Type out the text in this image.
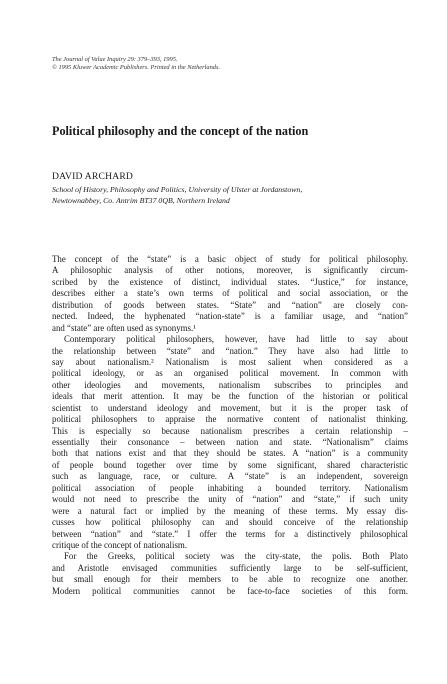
The Journal of Value Inquiry 29: 379–393, 1995.
© 1995 Kluwer Academic Publishers. Printed in the Netherlands.
Political philosophy and the concept of the nation
DAVID ARCHARD
School of History, Philosophy and Politics, University of Ulster at Jordanstown,
Newtownabbey, Co. Antrim BT37 0QB, Northern Ireland
The concept of the “state” is a basic object of study for political philosophy.
A philosophic analysis of other notions, moreover, is significantly circum-
scribed by the existence of distinct, individual states. “Justice,” for instance,
describes either a state’s own terms of political and social association, or the
distribution of goods between states. “State” and “nation” are closely con-
nected. Indeed, the hyphenated “nation-state” is a familiar usage, and “nation”
and “state” are often used as synonyms.¹
Contemporary political philosophers, however, have had little to say about
the relationship between “state” and “nation.” They have also had little to
say about nationalism.² Nationalism is most salient when considered as a
political ideology, or as an organised political movement. In common with
other ideologies and movements, nationalism subscribes to principles and
ideals that merit attention. It may be the function of the historian or political
scientist to understand ideology and movement, but it is the proper task of
political philosophers to appraise the normative content of nationalist thinking.
This is especially so because nationalism prescribes a certain relationship –
essentially their consonance – between nation and state. “Nationalism” claims
both that nations exist and that they should be states. A “nation” is a community
of people bound together over time by some significant, shared characteristic
such as language, race, or culture. A “state” is an independent, sovereign
political association of people inhabiting a bounded territory. Nationalism
would not need to prescribe the unity of “nation” and “state,” if such unity
were a natural fact or implied by the meaning of these terms. My essay dis-
cusses how political philosophy can and should conceive of the relationship
between “nation” and “state.” I offer the terms for a distinctively philosophical
critique of the concept of nationalism.
For the Greeks, political society was the city-state, the polis. Both Plato
and Aristotle envisaged communities sufficiently large to be self-sufficient,
but small enough for their members to be able to recognize one another.
Modern political communities cannot be face-to-face societies of this form.
